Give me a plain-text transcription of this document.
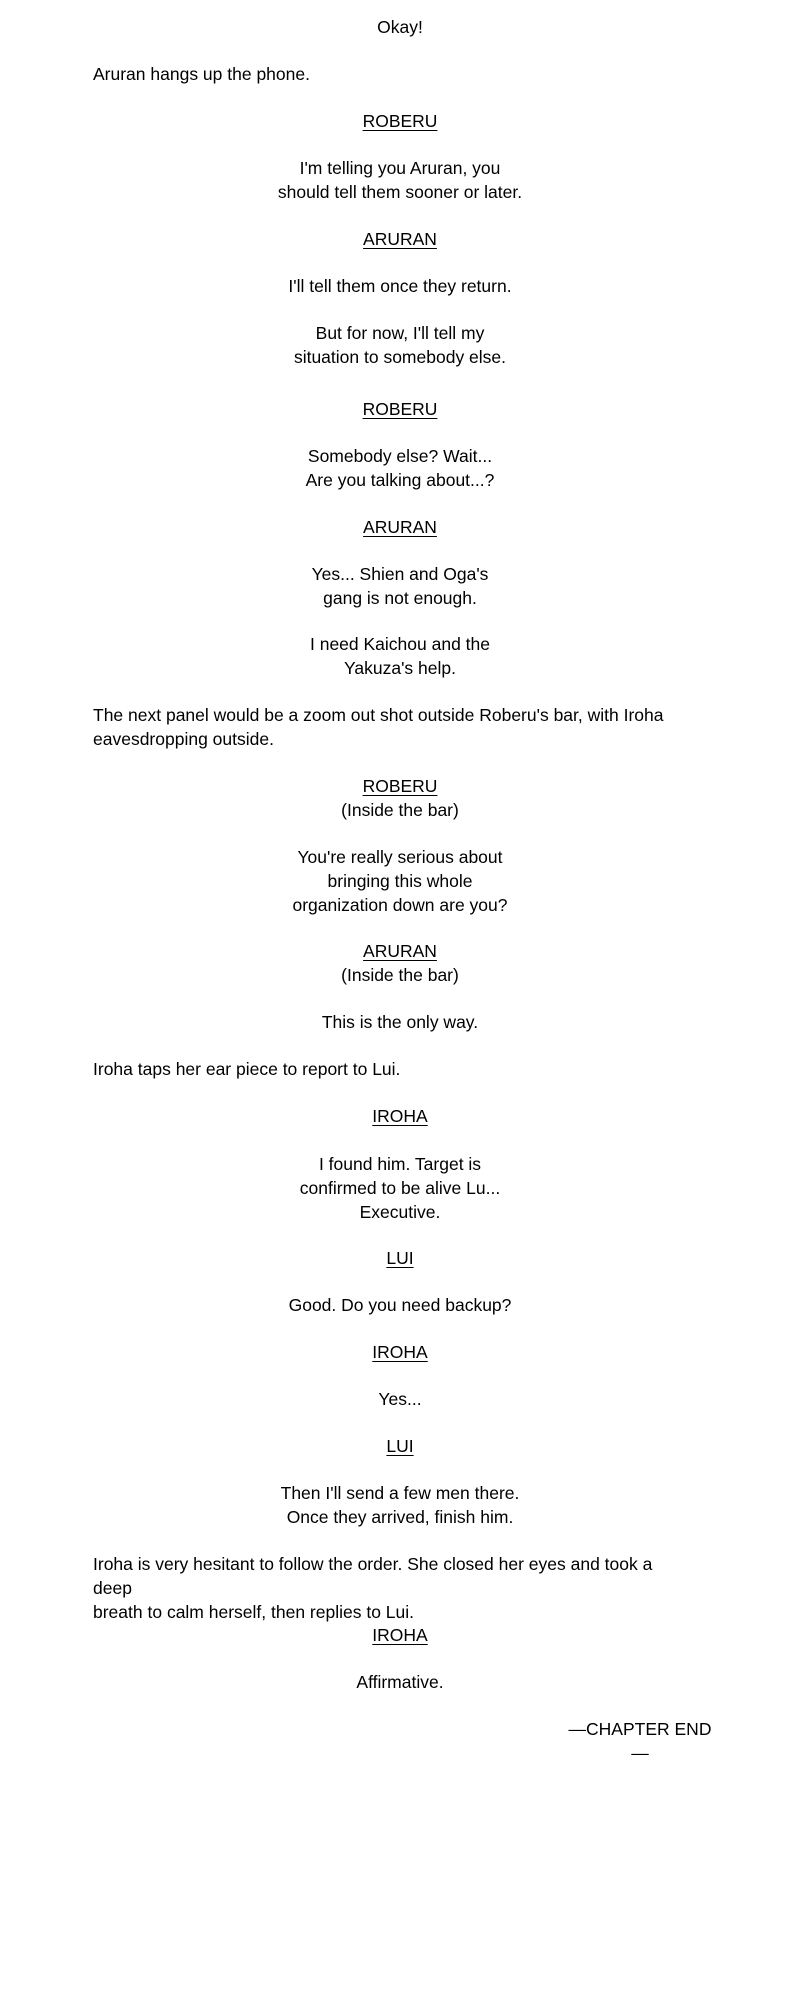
Okay!

Aruran hangs up the phone.

ROBERU

I'm telling you Aruran, you
should tell them sooner or later.

ARURAN

I'll tell them once they return.

But for now, I'll tell my
situation to somebody else.

ROBERU

Somebody else? Wait...
Are you talking about...?

ARURAN

Yes... Shien and Oga's
gang is not enough.

I need Kaichou and the
Yakuza's help.

The next panel would be a zoom out shot outside Roberu's bar, with Iroha
eavesdropping outside.

ROBERU
(Inside the bar)

You're really serious about
bringing this whole
organization down are you?

ARURAN
(Inside the bar)

This is the only way.

Iroha taps her ear piece to report to Lui.

IROHA

I found him. Target is
confirmed to be alive Lu...
Executive.

LUI

Good. Do you need backup?

IROHA

Yes...

LUI

Then I'll send a few men there.
Once they arrived, finish him.

Iroha is very hesitant to follow the order. She closed her eyes and took a deep
breath to calm herself, then replies to Lui.

IROHA

Affirmative.

—CHAPTER END—
